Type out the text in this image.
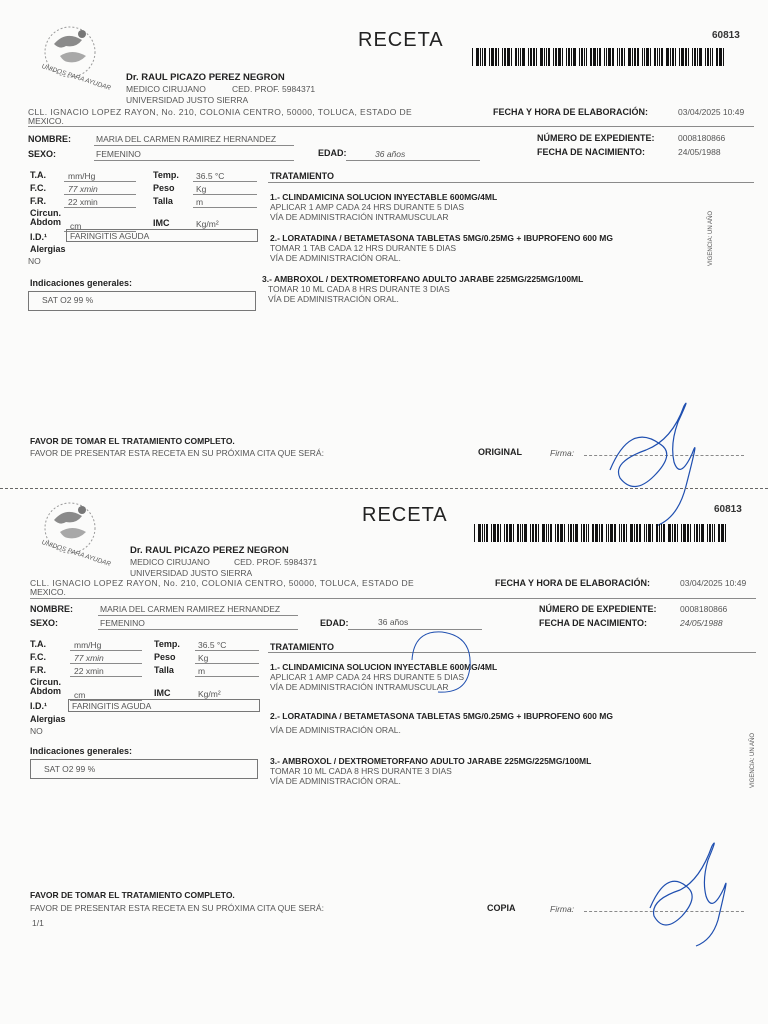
UNIDOS PARA AYUDAR
RECETA	60813
Dr. RAUL PICAZO PEREZ NEGRON
MEDICO CIRUJANO	CED. PROF. 5984371
UNIVERSIDAD JUSTO SIERRA
CLL. IGNACIO LOPEZ RAYON, No. 210, COLONIA CENTRO, 50000, TOLUCA, ESTADO DE
MEXICO.
FECHA Y HORA DE ELABORACIÓN:	03/04/2025 10:49
NOMBRE:	MARIA DEL CARMEN RAMIREZ HERNANDEZ	NÚMERO DE EXPEDIENTE:	0008180866
SEXO:	FEMENINO	EDAD:	36 años	FECHA DE NACIMIENTO:	24/05/1988
T.A.	mm/Hg
F.C.	77 xmin
F.R.	22 xmin
Circun.
Abdom cm
Temp. 36.5 °C
Peso	Kg
Talla	m
IMC	Kg/m²
I.D.¹	FARINGITIS AGUDA
Alergias
NO
Indicaciones generales:
SAT O2 99 %
TRATAMIENTO
1.- CLINDAMICINA SOLUCION INYECTABLE 600MG/4ML
APLICAR 1 AMP CADA 24 HRS DURANTE 5 DIAS
VÍA DE ADMINISTRACIÓN INTRAMUSCULAR
2.- LORATADINA / BETAMETASONA TABLETAS 5MG/0.25MG + IBUPROFENO 600 MG
TOMAR 1 TAB CADA 12 HRS DURANTE 5 DIAS
VÍA DE ADMINISTRACIÓN ORAL.
3.- AMBROXOL / DEXTROMETORFANO ADULTO JARABE 225MG/225MG/100ML
TOMAR 10 ML CADA 8 HRS DURANTE 3 DIAS
VÍA DE ADMINISTRACIÓN ORAL.
VIGENCIA: UN AÑO
FAVOR DE TOMAR EL TRATAMIENTO COMPLETO.
FAVOR DE PRESENTAR ESTA RECETA EN SU PRÓXIMA CITA QUE SERÁ:	ORIGINAL	Firma:
UNIDOS PARA AYUDAR
RECETA	60813
Dr. RAUL PICAZO PEREZ NEGRON
MEDICO CIRUJANO	CED. PROF. 5984371
UNIVERSIDAD JUSTO SIERRA
CLL. IGNACIO LOPEZ RAYON, No. 210, COLONIA CENTRO, 50000, TOLUCA, ESTADO DE
MEXICO.
FECHA Y HORA DE ELABORACIÓN:	03/04/2025 10:49
NOMBRE:	MARIA DEL CARMEN RAMIREZ HERNANDEZ	NÚMERO DE EXPEDIENTE:	0008180866
SEXO:	FEMENINO	EDAD:	36 años	FECHA DE NACIMIENTO:	24/05/1988
T.A.	mm/Hg
F.C.	77 xmin
F.R.	22 xmin
Circun.
Abdom cm
Temp. 36.5 °C
Peso	Kg
Talla	m
IMC	Kg/m²
I.D.¹	FARINGITIS AGUDA
Alergias
NO
Indicaciones generales:
SAT O2 99 %
TRATAMIENTO
1.- CLINDAMICINA SOLUCION INYECTABLE 600MG/4ML
APLICAR 1 AMP CADA 24 HRS DURANTE 5 DIAS
VÍA DE ADMINISTRACIÓN INTRAMUSCULAR
2.- LORATADINA / BETAMETASONA TABLETAS 5MG/0.25MG + IBUPROFENO 600 MG
VÍA DE ADMINISTRACIÓN ORAL.
3.- AMBROXOL / DEXTROMETORFANO ADULTO JARABE 225MG/225MG/100ML
TOMAR 10 ML CADA 8 HRS DURANTE 3 DIAS
VÍA DE ADMINISTRACIÓN ORAL.	VIGENCIA: UN AÑO
FAVOR DE TOMAR EL TRATAMIENTO COMPLETO.
FAVOR DE PRESENTAR ESTA RECETA EN SU PRÓXIMA CITA QUE SERÁ:	COPIA	Firma:
1/1
